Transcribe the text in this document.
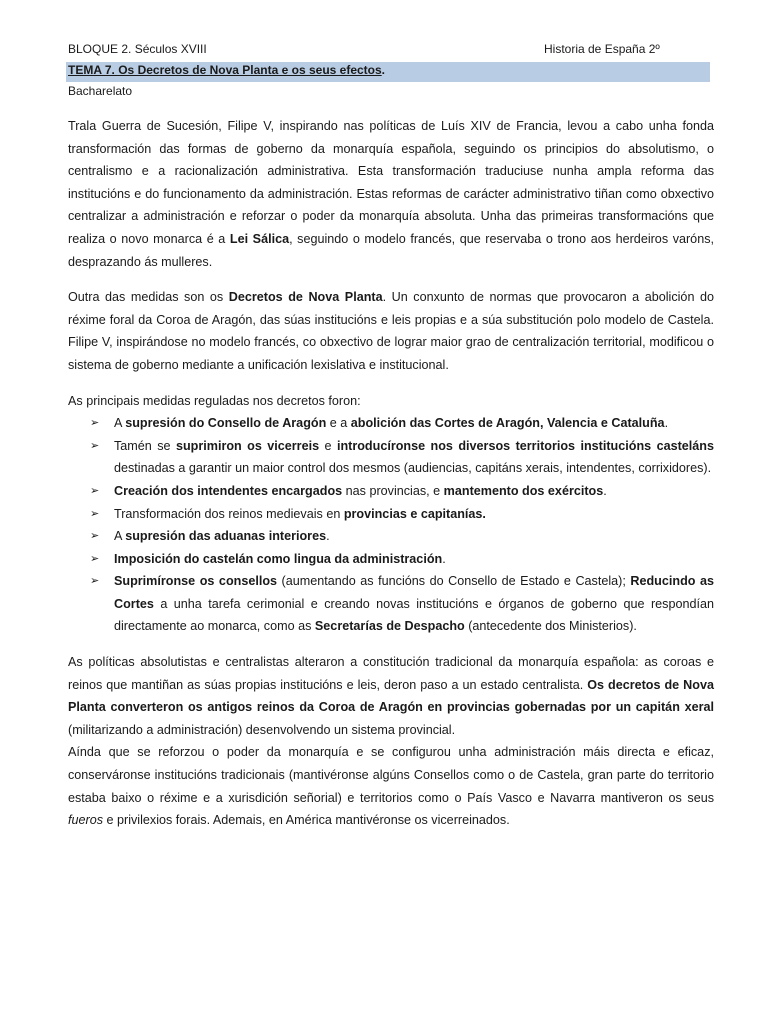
BLOQUE 2. Séculos XVIII	Historia de España 2º
TEMA 7. Os Decretos de Nova Planta e os seus efectos.
Bacharelato

Trala Guerra de Sucesión, Filipe V, inspirando nas políticas de Luís XIV de Francia, levou a cabo unha fonda transformación das formas de goberno da monarquía española, seguindo os principios do absolutismo, o centralismo e a racionalización administrativa. Esta transformación traduciuse nunha ampla reforma das institucións e do funcionamento da administración. Estas reformas de carácter administrativo tiñan como obxectivo centralizar a administración e reforzar o poder da monarquía absoluta. Unha das primeiras transformacións que realiza o novo monarca é a Lei Sálica, seguindo o modelo francés, que reservaba o trono aos herdeiros varóns, desprazando ás mulleres.

Outra das medidas son os Decretos de Nova Planta. Un conxunto de normas que provocaron a abolición do réxime foral da Coroa de Aragón, das súas institucións e leis propias e a súa substitución polo modelo de Castela. Filipe V, inspirándose no modelo francés, co obxectivo de lograr maior grao de centralización territorial, modificou o sistema de goberno mediante a unificación lexislativa e institucional.

As principais medidas reguladas nos decretos foron:

➢ A supresión do Consello de Aragón e a abolición das Cortes de Aragón, Valencia e Cataluña.
➢ Tamén se suprimiron os vicerreis e introducíronse nos diversos territorios institucións casteláns destinadas a garantir un maior control dos mesmos (audiencias, capitáns xerais, intendentes, corrixidores).
➢ Creación dos intendentes encargados nas provincias, e mantemento dos exércitos.
➢ Transformación dos reinos medievais en provincias e capitanías.
➢ A supresión das aduanas interiores.
➢ Imposición do castelán como lingua da administración.
➢ Suprimíronse os consellos (aumentando as funcións do Consello de Estado e Castela); Reducindo as Cortes a unha tarefa cerimonial e creando novas institucións e órganos de goberno que respondían directamente ao monarca, como as Secretarías de Despacho (antecedente dos Ministerios).

As políticas absolutistas e centralistas alteraron a constitución tradicional da monarquía española: as coroas e reinos que mantiñan as súas propias institucións e leis, deron paso a un estado centralista. Os decretos de Nova Planta converteron os antigos reinos da Coroa de Aragón en provincias gobernadas por un capitán xeral (militarizando a administración) desenvolvendo un sistema provincial.

Aínda que se reforzou o poder da monarquía e se configurou unha administración máis directa e eficaz, conserváronse institucións tradicionais (mantivéronse algúns Consellos como o de Castela, gran parte do territorio estaba baixo o réxime e a xurisdición señorial) e territorios como o País Vasco e Navarra mantiveron os seus fueros e privilexios forais. Ademais, en América mantivéronse os vicerreinados.
